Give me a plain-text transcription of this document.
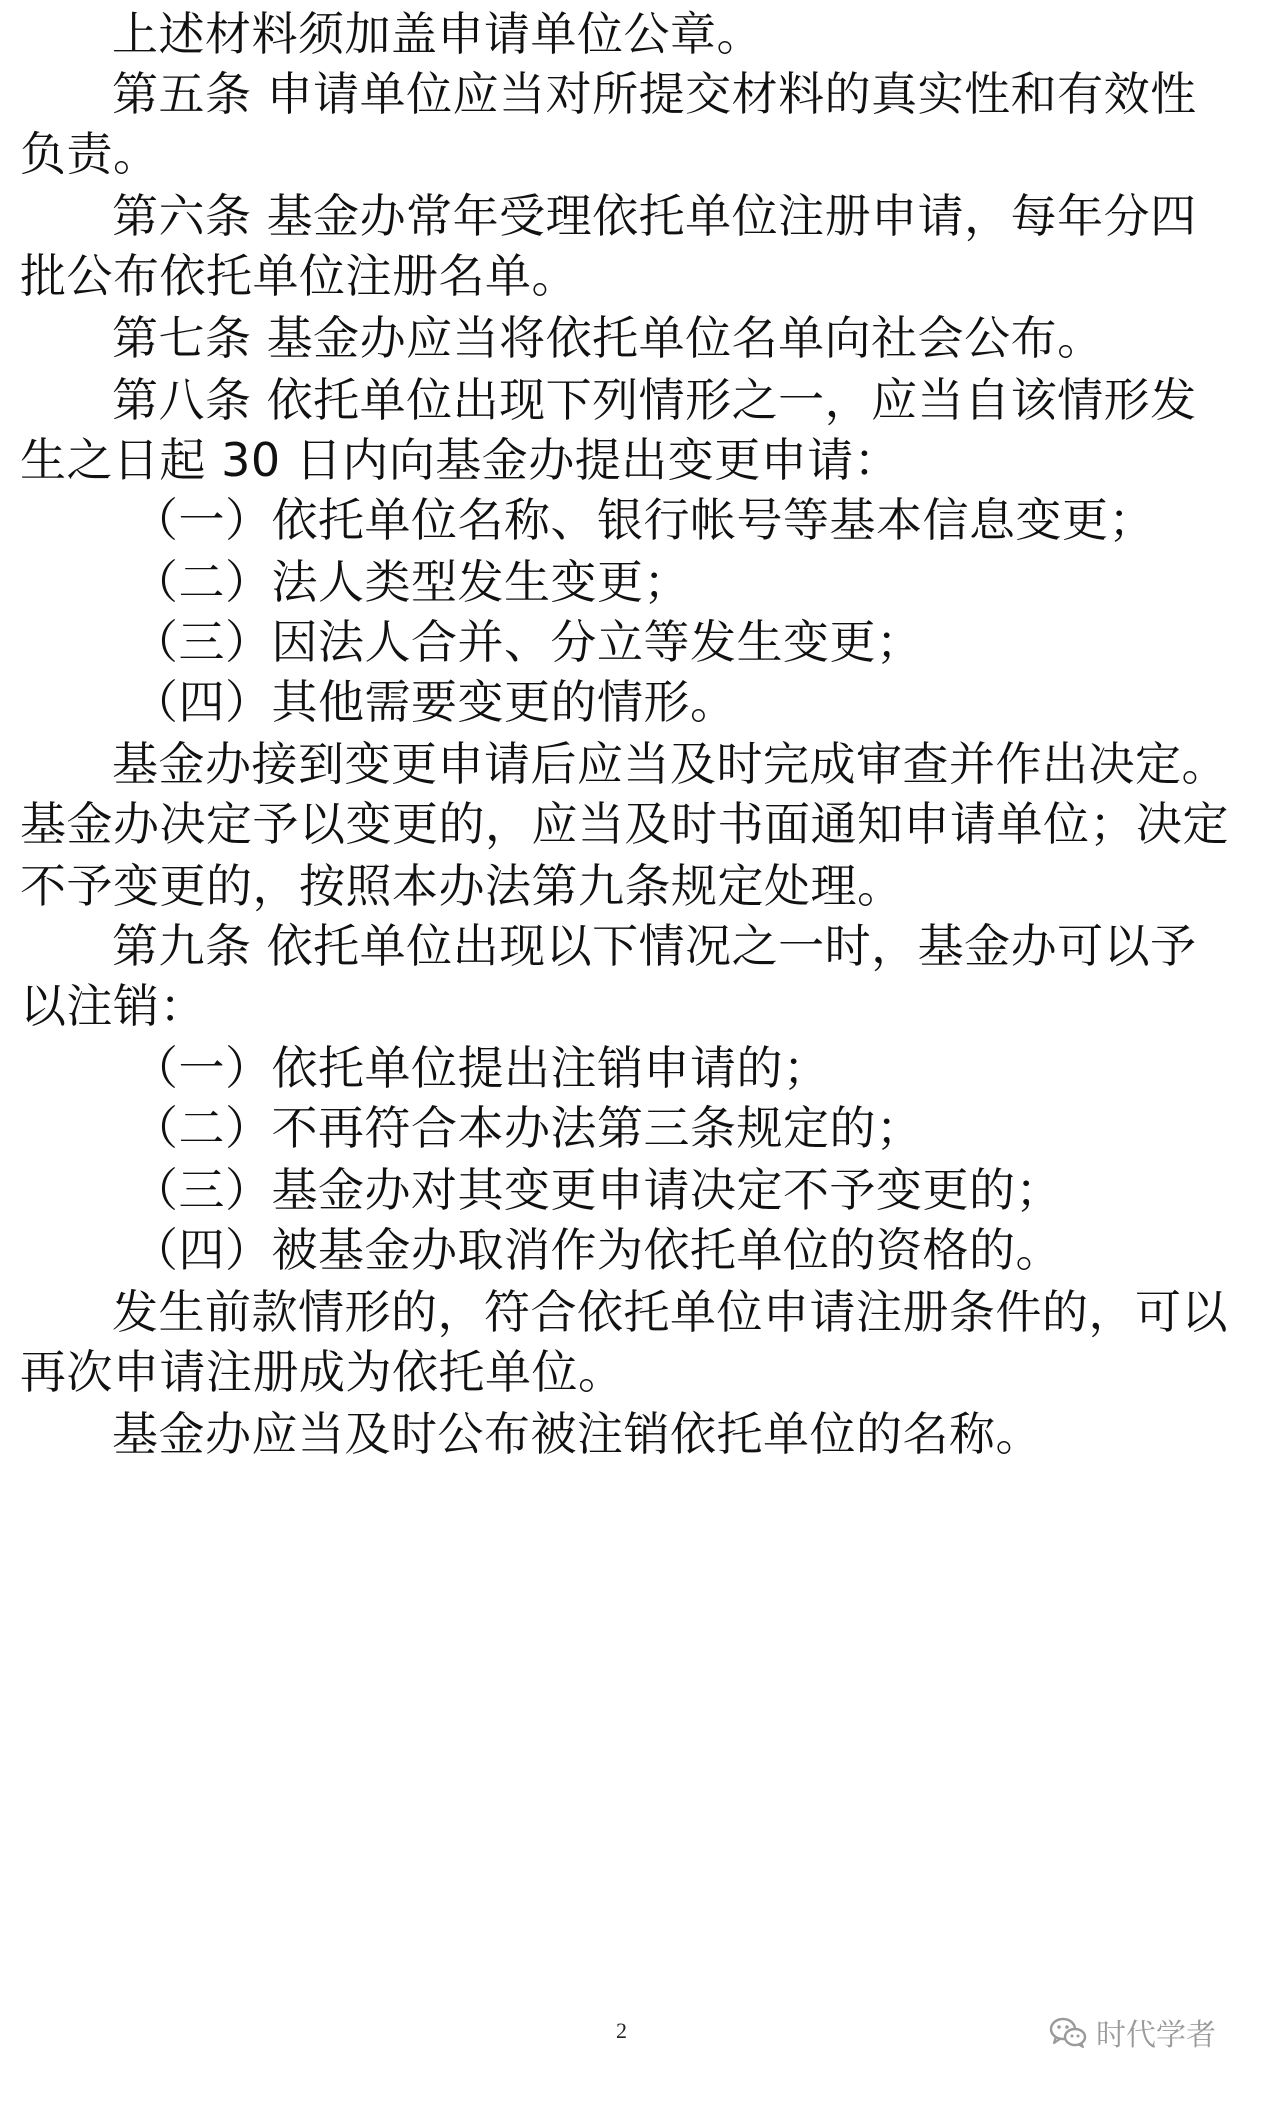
上述材料须加盖申请单位公章。
第五条 申请单位应当对所提交材料的真实性和有效性
负责。
第六条 基金办常年受理依托单位注册申请，每年分四
批公布依托单位注册名单。
第七条 基金办应当将依托单位名单向社会公布。
第八条 依托单位出现下列情形之一，应当自该情形发
生之日起 30 日内向基金办提出变更申请：
（一）依托单位名称、银行帐号等基本信息变更；
（二）法人类型发生变更；
（三）因法人合并、分立等发生变更；
（四）其他需要变更的情形。
基金办接到变更申请后应当及时完成审查并作出决定。
基金办决定予以变更的，应当及时书面通知申请单位；决定
不予变更的，按照本办法第九条规定处理。
第九条 依托单位出现以下情况之一时，基金办可以予
以注销：
（一）依托单位提出注销申请的；
（二）不再符合本办法第三条规定的；
（三）基金办对其变更申请决定不予变更的；
（四）被基金办取消作为依托单位的资格的。
发生前款情形的，符合依托单位申请注册条件的，可以
再次申请注册成为依托单位。
基金办应当及时公布被注销依托单位的名称。
2	时代学者
